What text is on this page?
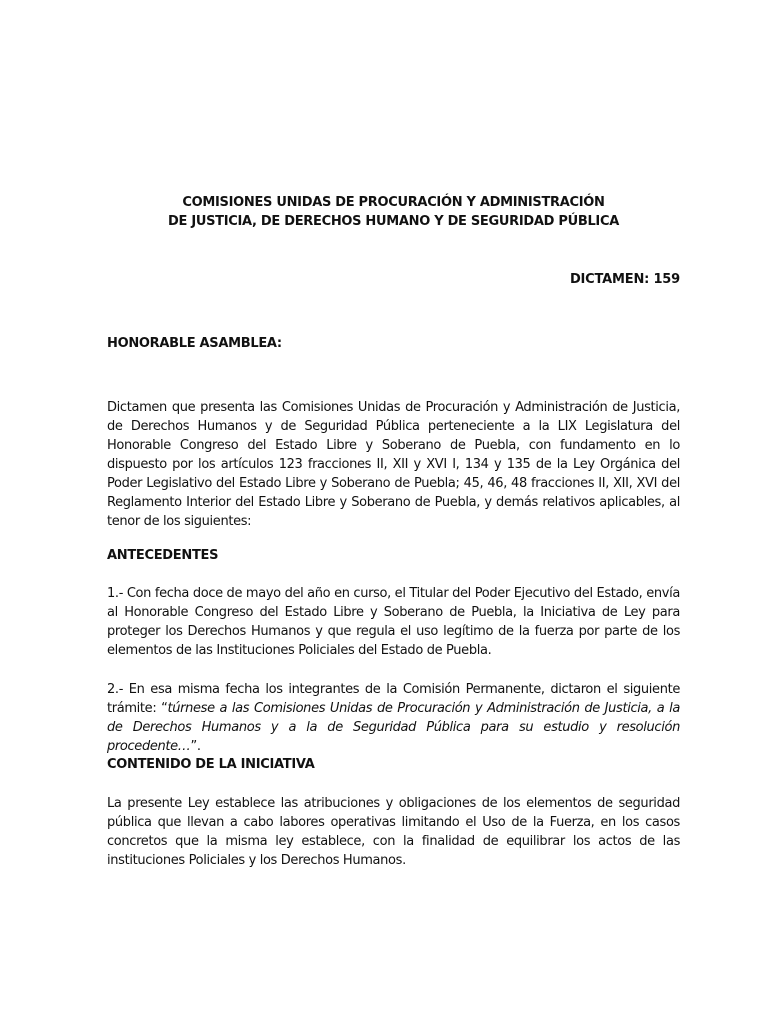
COMISIONES UNIDAS DE PROCURACIÓN Y ADMINISTRACIÓN
DE JUSTICIA, DE DERECHOS HUMANO Y DE SEGURIDAD PÚBLICA
DICTAMEN: 159
HONORABLE ASAMBLEA:
Dictamen que presenta las Comisiones Unidas de Procuración y Administración de Justicia, de Derechos Humanos y de Seguridad Pública perteneciente a la LIX Legislatura del Honorable Congreso del Estado Libre y Soberano de Puebla, con fundamento en lo dispuesto por los artículos 123 fracciones II, XII y XVI I, 134 y 135 de la Ley Orgánica del Poder Legislativo del Estado Libre y Soberano de Puebla; 45, 46, 48 fracciones II, XII, XVI del Reglamento Interior del Estado Libre y Soberano de Puebla, y demás relativos aplicables, al tenor de los siguientes:
ANTECEDENTES
1.- Con fecha doce de mayo del año en curso, el Titular del Poder Ejecutivo del Estado, envía al Honorable Congreso del Estado Libre y Soberano de Puebla, la Iniciativa de Ley para proteger los Derechos Humanos y que regula el uso legítimo de la fuerza por parte de los elementos de las Instituciones Policiales del Estado de Puebla.
2.- En esa misma fecha los integrantes de la Comisión Permanente, dictaron el siguiente trámite: “túrnese a las Comisiones Unidas de Procuración y Administración de Justicia, a la de Derechos Humanos y a la de Seguridad Pública para su estudio y resolución procedente…”.
CONTENIDO DE LA INICIATIVA
La presente Ley establece las atribuciones y obligaciones de los elementos de seguridad pública que llevan a cabo labores operativas limitando el Uso de la Fuerza, en los casos concretos que la misma ley establece, con la finalidad de equilibrar los actos de las instituciones Policiales y los Derechos Humanos.
